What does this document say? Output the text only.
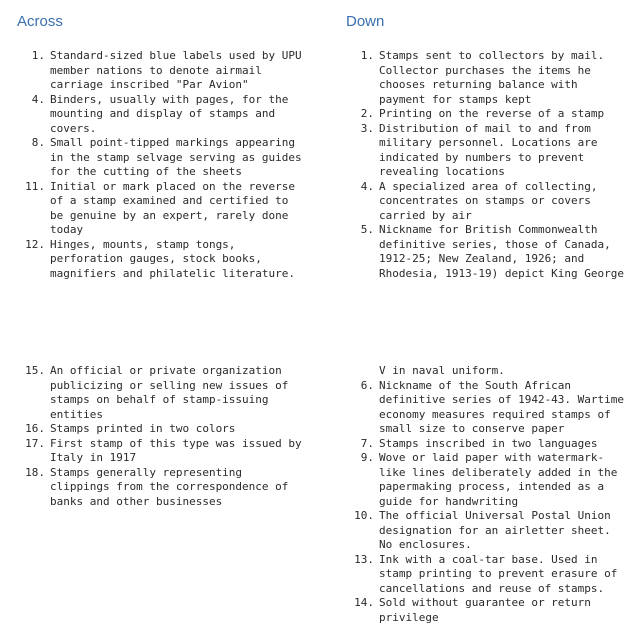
Across	Down
1. Standard-sized blue labels used by UPU member nations to denote airmail carriage inscribed "Par Avion"
4. Binders, usually with pages, for the mounting and display of stamps and covers.
8. Small point-tipped markings appearing in the stamp selvage serving as guides for the cutting of the sheets
11. Initial or mark placed on the reverse of a stamp examined and certified to be genuine by an expert, rarely done today
12. Hinges, mounts, stamp tongs, perforation gauges, stock books, magnifiers and philatelic literature.
15. An official or private organization publicizing or selling new issues of stamps on behalf of stamp-issuing entities
16. Stamps printed in two colors
17. First stamp of this type was issued by Italy in 1917
18. Stamps generally representing clippings from the correspondence of banks and other businesses
1. Stamps sent to collectors by mail. Collector purchases the items he chooses returning balance with payment for stamps kept
2. Printing on the reverse of a stamp
3. Distribution of mail to and from military personnel. Locations are indicated by numbers to prevent revealing locations
4. A specialized area of collecting, concentrates on stamps or covers carried by air
5. Nickname for British Commonwealth definitive series, those of Canada, 1912-25; New Zealand, 1926; and Rhodesia, 1913-19) depict King George
V in naval uniform.
6. Nickname of the South African definitive series of 1942-43. Wartime economy measures required stamps of small size to conserve paper
7. Stamps inscribed in two languages
9. Wove or laid paper with watermark-like lines deliberately added in the papermaking process, intended as a guide for handwriting
10. The official Universal Postal Union designation for an airletter sheet. No enclosures.
13. Ink with a coal-tar base. Used in stamp printing to prevent erasure of cancellations and reuse of stamps.
14. Sold without guarantee or return privilege
